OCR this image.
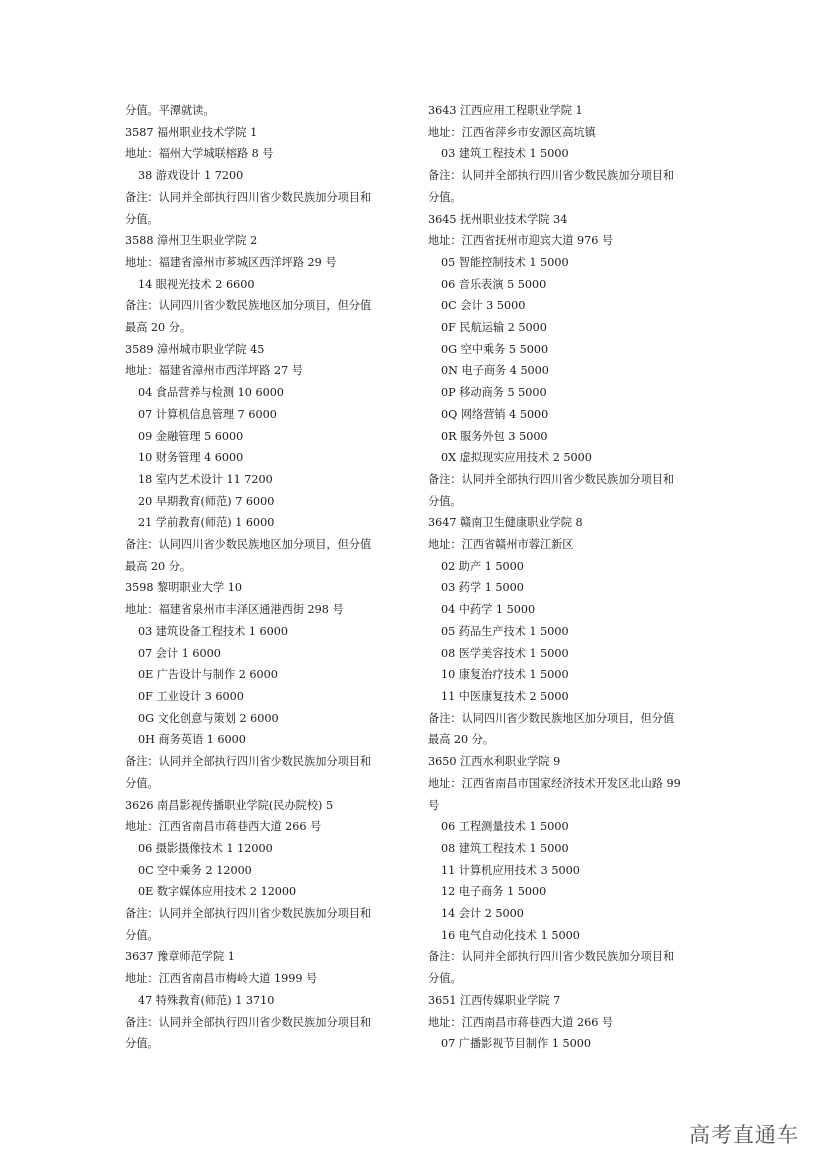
分值。平潭就读。
3587 福州职业技术学院 1
地址：福州大学城联榕路 8 号
38 游戏设计 1 7200
备注：认同并全部执行四川省少数民族加分项目和
分值。
3588 漳州卫生职业学院 2
地址：福建省漳州市芗城区西洋坪路 29 号
14 眼视光技术 2 6600
备注：认同四川省少数民族地区加分项目，但分值
最高 20 分。
3589 漳州城市职业学院 45
地址：福建省漳州市西洋坪路 27 号
04 食品营养与检测 10 6000
07 计算机信息管理 7 6000
09 金融管理 5 6000
10 财务管理 4 6000
18 室内艺术设计 11 7200
20 早期教育(师范) 7 6000
21 学前教育(师范) 1 6000
备注：认同四川省少数民族地区加分项目，但分值
最高 20 分。
3598 黎明职业大学 10
地址：福建省泉州市丰泽区通港西街 298 号
03 建筑设备工程技术 1 6000
07 会计 1 6000
0E 广告设计与制作 2 6000
0F 工业设计 3 6000
0G 文化创意与策划 2 6000
0H 商务英语 1 6000
备注：认同并全部执行四川省少数民族加分项目和
分值。
3626 南昌影视传播职业学院(民办院校) 5
地址：江西省南昌市蒋巷西大道 266 号
06 摄影摄像技术 1 12000
0C 空中乘务 2 12000
0E 数字媒体应用技术 2 12000
备注：认同并全部执行四川省少数民族加分项目和
分值。
3637 豫章师范学院 1
地址：江西省南昌市梅岭大道 1999 号
47 特殊教育(师范) 1 3710
备注：认同并全部执行四川省少数民族加分项目和
分值。
3643 江西应用工程职业学院 1
地址：江西省萍乡市安源区高坑镇
03 建筑工程技术 1 5000
备注：认同并全部执行四川省少数民族加分项目和
分值。
3645 抚州职业技术学院 34
地址：江西省抚州市迎宾大道 976 号
05 智能控制技术 1 5000
06 音乐表演 5 5000
0C 会计 3 5000
0F 民航运输 2 5000
0G 空中乘务 5 5000
0N 电子商务 4 5000
0P 移动商务 5 5000
0Q 网络营销 4 5000
0R 服务外包 3 5000
0X 虚拟现实应用技术 2 5000
备注：认同并全部执行四川省少数民族加分项目和
分值。
3647 赣南卫生健康职业学院 8
地址：江西省赣州市蓉江新区
02 助产 1 5000
03 药学 1 5000
04 中药学 1 5000
05 药品生产技术 1 5000
08 医学美容技术 1 5000
10 康复治疗技术 1 5000
11 中医康复技术 2 5000
备注：认同四川省少数民族地区加分项目，但分值
最高 20 分。
3650 江西水利职业学院 9
地址：江西省南昌市国家经济技术开发区北山路 99
号
06 工程测量技术 1 5000
08 建筑工程技术 1 5000
11 计算机应用技术 3 5000
12 电子商务 1 5000
14 会计 2 5000
16 电气自动化技术 1 5000
备注：认同并全部执行四川省少数民族加分项目和
分值。
3651 江西传媒职业学院 7
地址：江西南昌市蒋巷西大道 266 号
07 广播影视节目制作 1 5000
高考直通车
